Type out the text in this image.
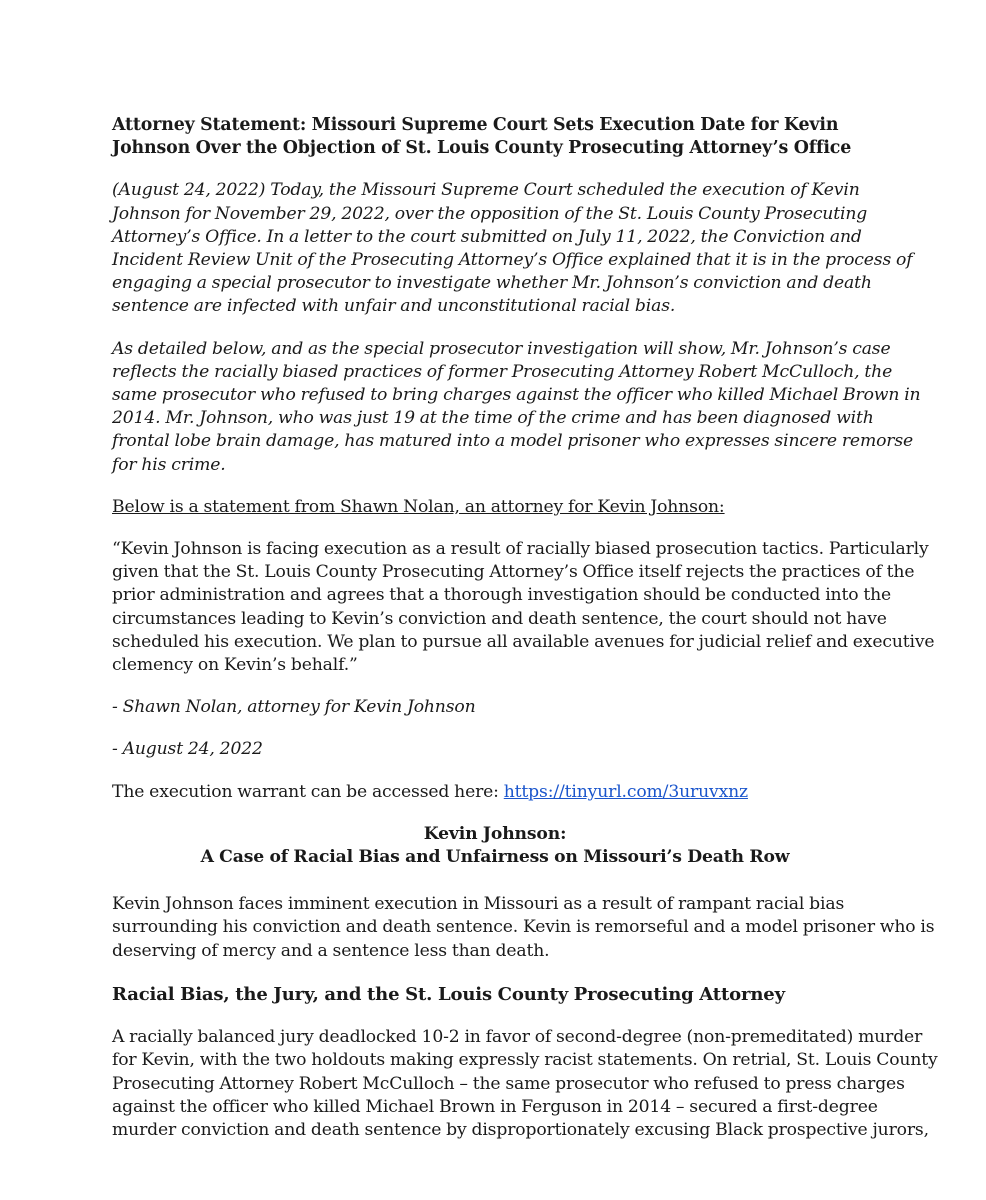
Attorney Statement: Missouri Supreme Court Sets Execution Date for Kevin
Johnson Over the Objection of St. Louis County Prosecuting Attorney’s Office

(August 24, 2022) Today, the Missouri Supreme Court scheduled the execution of Kevin
Johnson for November 29, 2022, over the opposition of the St. Louis County Prosecuting
Attorney’s Office. In a letter to the court submitted on July 11, 2022, the Conviction and
Incident Review Unit of the Prosecuting Attorney’s Office explained that it is in the process of
engaging a special prosecutor to investigate whether Mr. Johnson’s conviction and death
sentence are infected with unfair and unconstitutional racial bias.

As detailed below, and as the special prosecutor investigation will show, Mr. Johnson’s case
reflects the racially biased practices of former Prosecuting Attorney Robert McCulloch, the
same prosecutor who refused to bring charges against the officer who killed Michael Brown in
2014. Mr. Johnson, who was just 19 at the time of the crime and has been diagnosed with
frontal lobe brain damage, has matured into a model prisoner who expresses sincere remorse
for his crime.

Below is a statement from Shawn Nolan, an attorney for Kevin Johnson:

“Kevin Johnson is facing execution as a result of racially biased prosecution tactics. Particularly
given that the St. Louis County Prosecuting Attorney’s Office itself rejects the practices of the
prior administration and agrees that a thorough investigation should be conducted into the
circumstances leading to Kevin’s conviction and death sentence, the court should not have
scheduled his execution. We plan to pursue all available avenues for judicial relief and executive
clemency on Kevin’s behalf.”

- Shawn Nolan, attorney for Kevin Johnson

- August 24, 2022

The execution warrant can be accessed here: https://tinyurl.com/3uruvxnz

Kevin Johnson:
A Case of Racial Bias and Unfairness on Missouri’s Death Row

Kevin Johnson faces imminent execution in Missouri as a result of rampant racial bias
surrounding his conviction and death sentence. Kevin is remorseful and a model prisoner who is
deserving of mercy and a sentence less than death.

Racial Bias, the Jury, and the St. Louis County Prosecuting Attorney

A racially balanced jury deadlocked 10-2 in favor of second-degree (non-premeditated) murder
for Kevin, with the two holdouts making expressly racist statements. On retrial, St. Louis County
Prosecuting Attorney Robert McCulloch – the same prosecutor who refused to press charges
against the officer who killed Michael Brown in Ferguson in 2014 – secured a first-degree
murder conviction and death sentence by disproportionately excusing Black prospective jurors,
